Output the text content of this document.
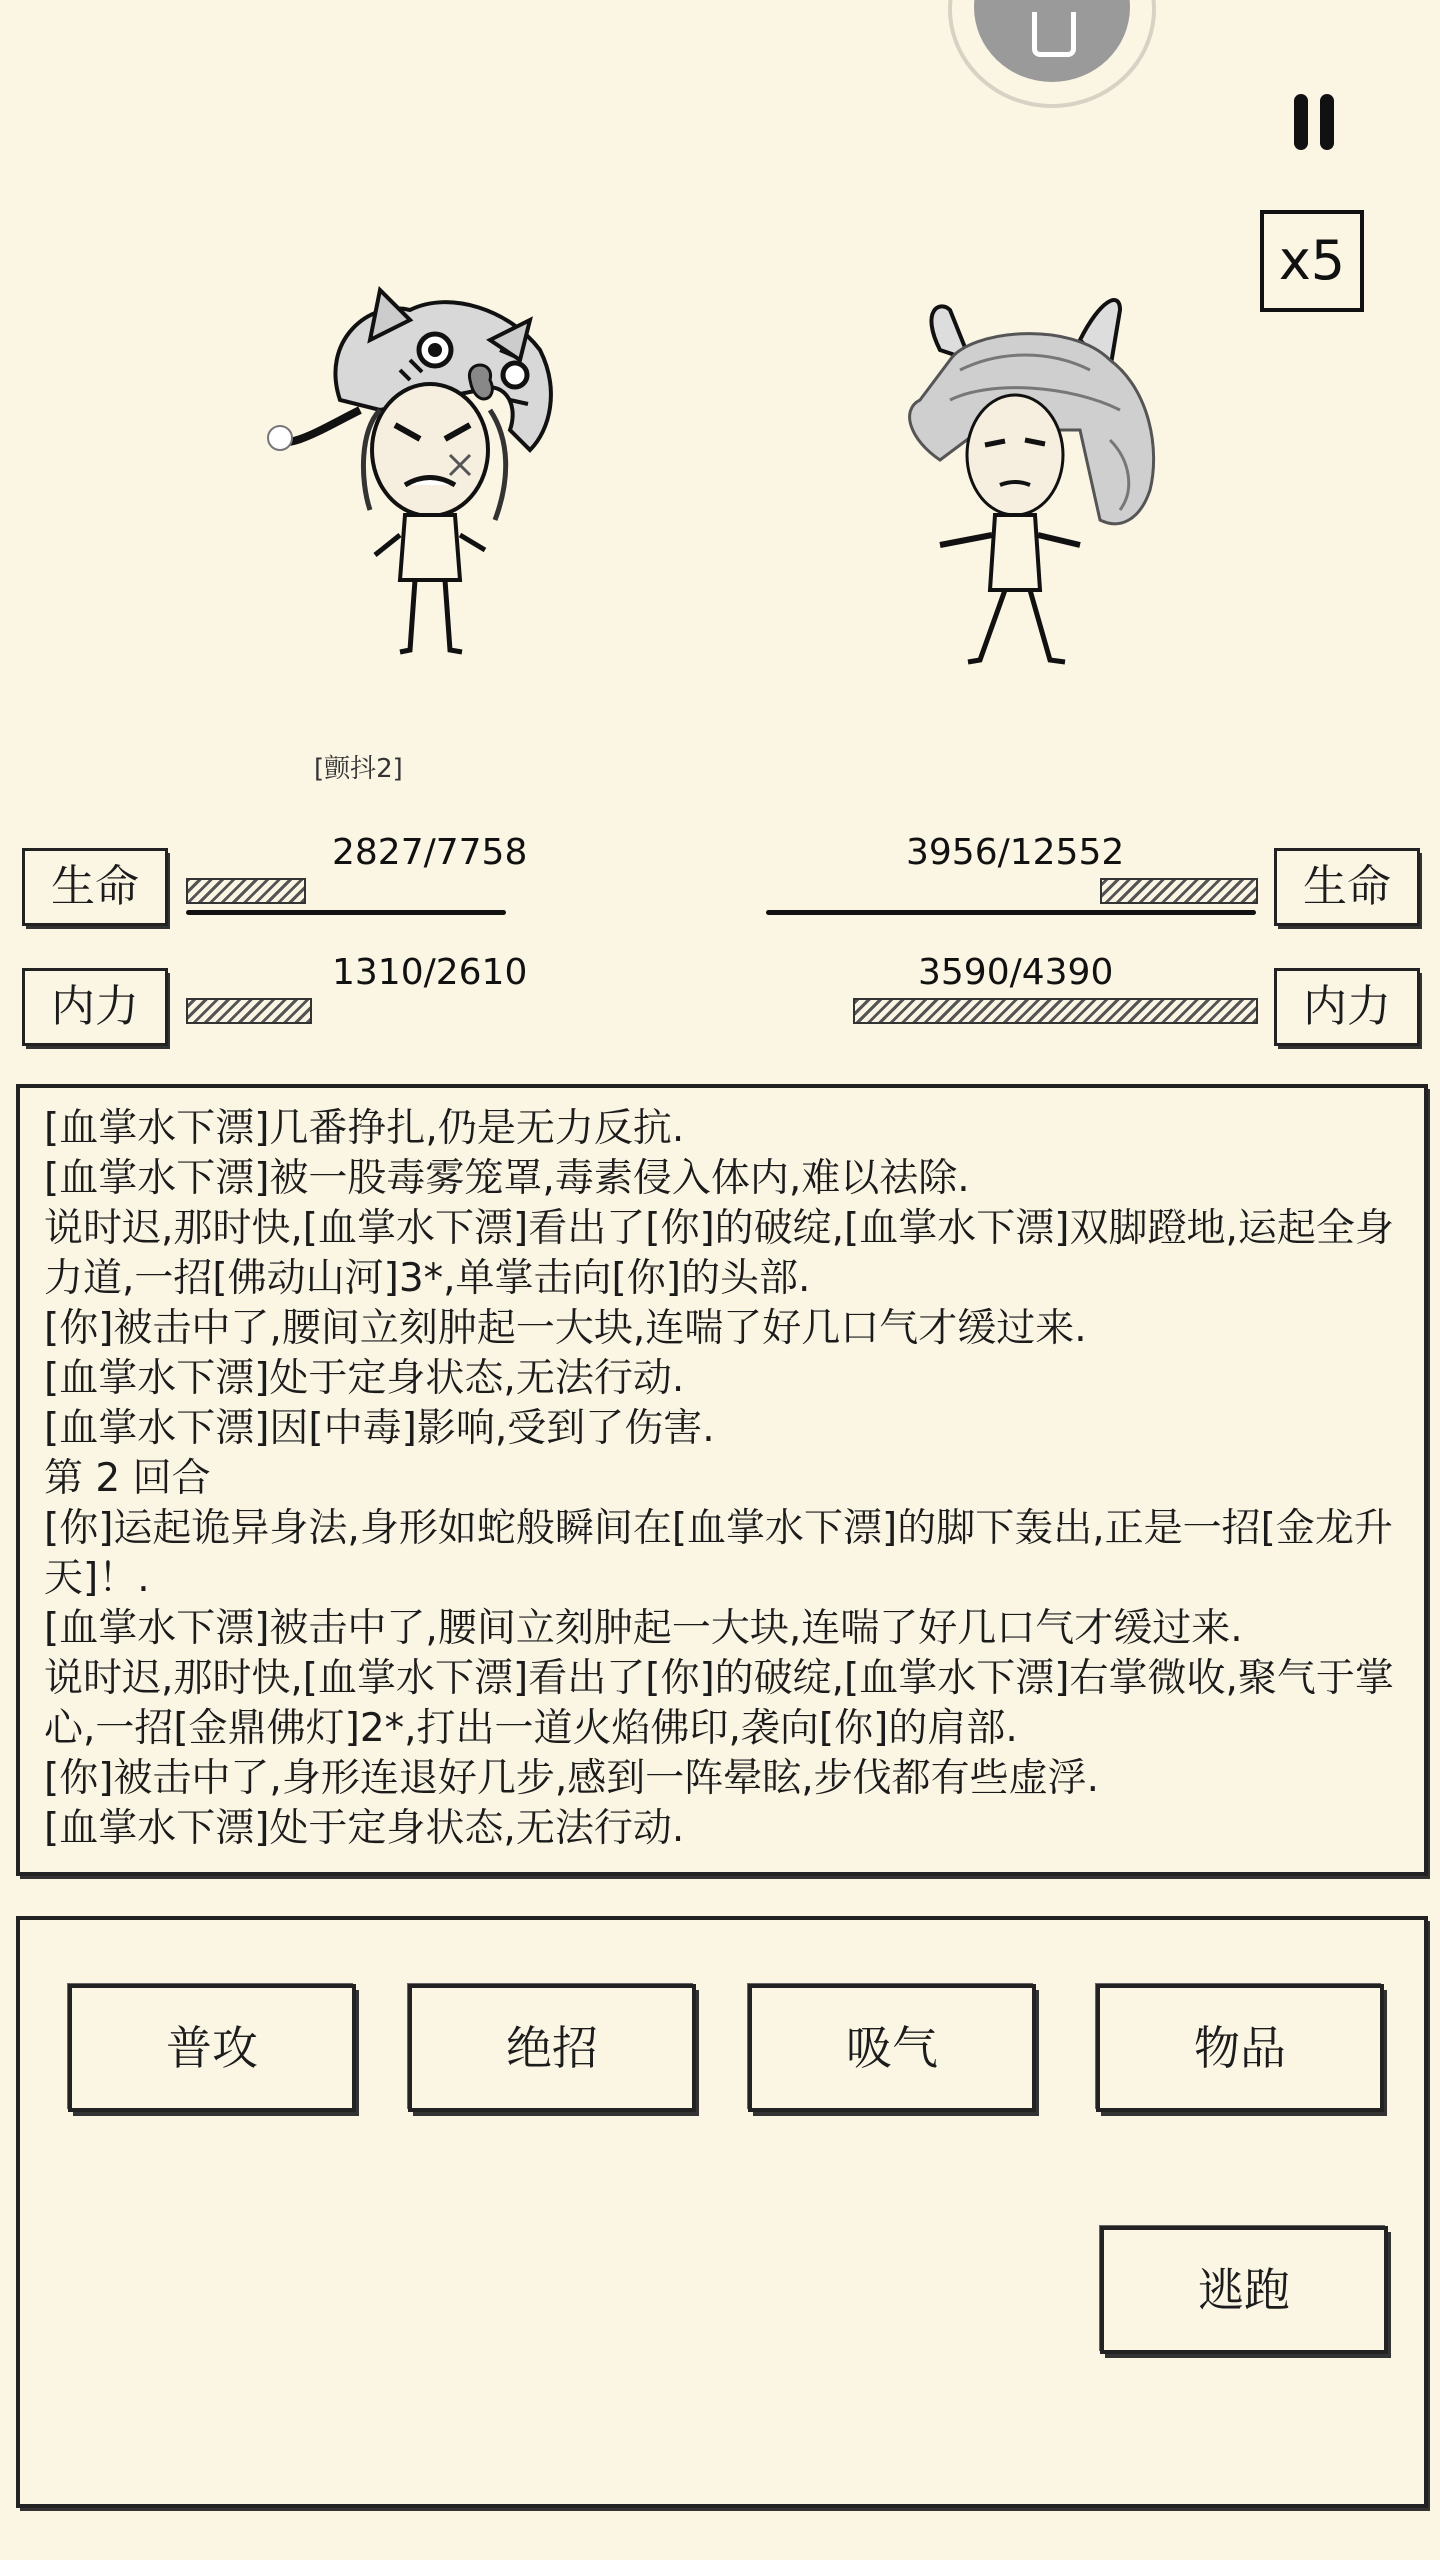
x5
[颤抖2]
生命
2827/7758
内力
1310/2610
生命
3956/12552
内力
3590/4390
[血掌水下漂]几番挣扎,仍是无力反抗.
[血掌水下漂]被一股毒雾笼罩,毒素侵入体内,难以祛除.
说时迟,那时快,[血掌水下漂]看出了[你]的破绽,[血掌水下漂]双脚蹬地,运起全身力道,一招[佛动山河]3*,单掌击向[你]的头部.
[你]被击中了,腰间立刻肿起一大块,连喘了好几口气才缓过来.
[血掌水下漂]处于定身状态,无法行动.
[血掌水下漂]因[中毒]影响,受到了伤害.
第 2 回合
[你]运起诡异身法,身形如蛇般瞬间在[血掌水下漂]的脚下轰出,正是一招[金龙升天]！.
[血掌水下漂]被击中了,腰间立刻肿起一大块,连喘了好几口气才缓过来.
说时迟,那时快,[血掌水下漂]看出了[你]的破绽,[血掌水下漂]右掌微收,聚气于掌心,一招[金鼎佛灯]2*,打出一道火焰佛印,袭向[你]的肩部.
[你]被击中了,身形连退好几步,感到一阵晕眩,步伐都有些虚浮.
[血掌水下漂]处于定身状态,无法行动.
普攻	绝招	吸气	物品
逃跑
